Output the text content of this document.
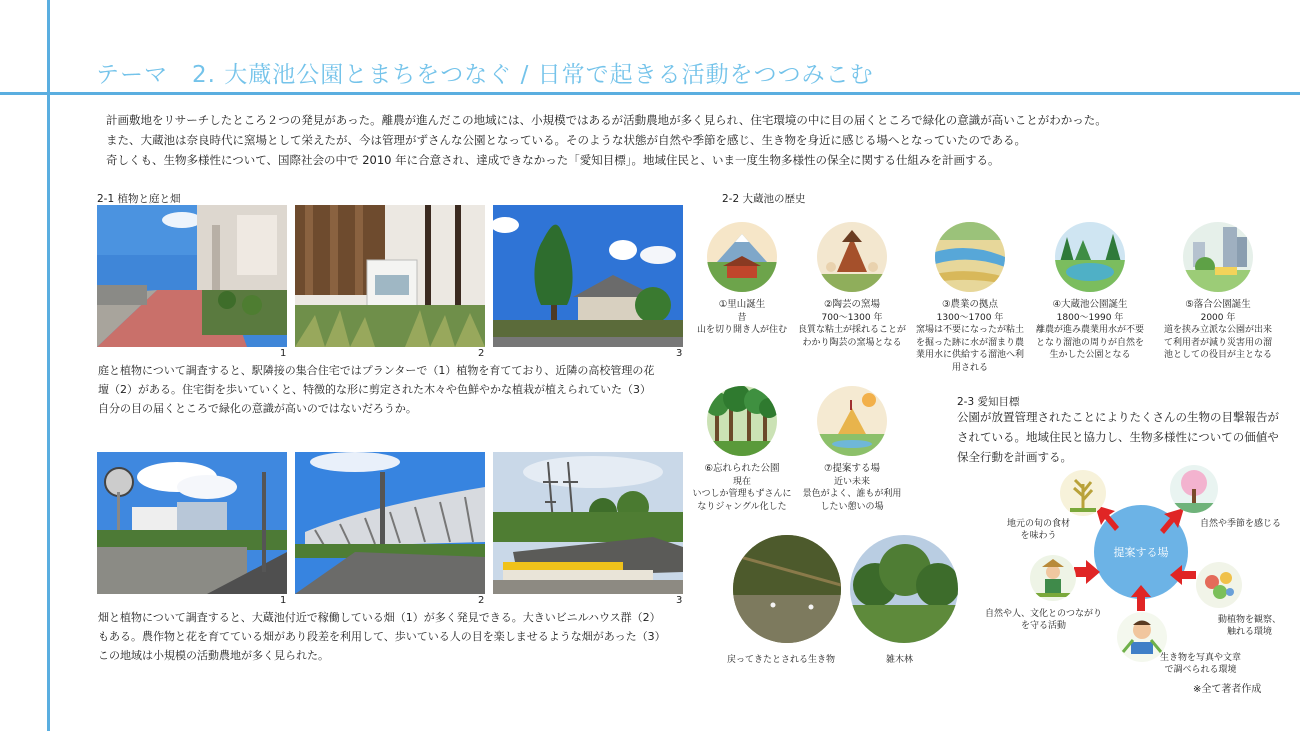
テーマ　2. 大蔵池公園とまちをつなぐ / 日常で起きる活動をつつみこむ
計画敷地をリサーチしたところ２つの発見があった。離農が進んだこの地域には、小規模ではあるが活動農地が多く見られ、住宅環境の中に目の届くところで緑化の意識が高いことがわかった。
また、大蔵池は奈良時代に窯場として栄えたが、今は管理がずさんな公園となっている。そのような状態が自然や季節を感じ、生き物を身近に感じる場へとなっていたのである。
奇しくも、生物多様性について、国際社会の中で 2010 年に合意され、達成できなかった「愛知目標」。地域住民と、いま一度生物多様性の保全に関する仕組みを計画する。
2-1 植物と庭と畑
1	2	3
庭と植物について調査すると、駅隣接の集合住宅ではプランターで（1）植物を育てており、近隣の高校管理の花
壇（2）がある。住宅街を歩いていくと、特徴的な形に剪定された木々や色鮮やかな植栽が植えられていた（3）
自分の目の届くところで緑化の意識が高いのではないだろうか。
1	2	3
畑と植物について調査すると、大蔵池付近で稼働している畑（1）が多く発見できる。大きいビニルハウス群（2）
もある。農作物と花を育てている畑があり段差を利用して、歩いている人の目を楽しませるような畑があった（3）
この地域は小規模の活動農地が多く見られた。
2-2 大蔵池の歴史
①里山誕生
昔
山を切り開き人が住む
②陶芸の窯場
700〜1300 年
良質な粘土が採れることが
わかり陶芸の窯場となる
③農業の拠点
1300〜1700 年
窯場は不要になったが粘土
を掘った跡に水が溜まり農
業用水に供給する溜池へ利
用される
④大蔵池公園誕生
1800〜1990 年
離農が進み農業用水が不要
となり溜池の周りが自然を
生かした公園となる
⑤落合公園誕生
2000 年
道を挟み立派な公園が出来
て利用者が減り災害用の溜
池としての役目が主となる
⑥忘れられた公園
現在
いつしか管理もずさんに
なりジャングル化した
⑦提案する場
近い未来
景色がよく、誰もが利用
したい憩いの場
戻ってきたとされる生き物	雑木林
2-3 愛知目標
公園が放置管理されたことによりたくさんの生物の目撃報告が
されている。地域住民と協力し、生物多様性についての価値や
保全行動を計画する。
提案する場
地元の旬の食材
を味わう
自然や季節を感じる
動植物を観察、
触れる環境
生き物を写真や文章
で調べられる環境
自然や人、文化とのつながり
を守る活動
※全て著者作成
